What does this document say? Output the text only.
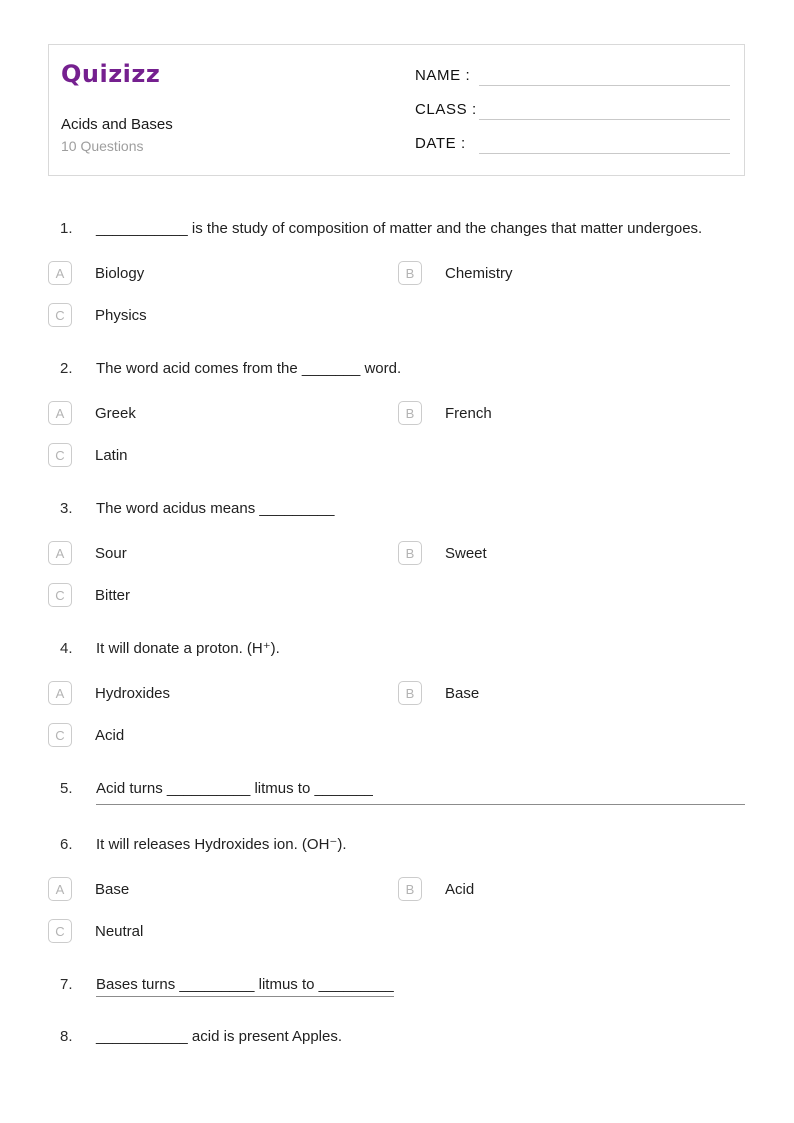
Quizizz
Acids and Bases
10 Questions
NAME :
CLASS :
DATE :
1.	___________ is the study of composition of matter and the changes that matter undergoes.
A	Biology	B	Chemistry
C	Physics
2.	The word acid comes from the _______ word.
A	Greek	B	French
C	Latin
3.	The word acidus means _________
A	Sour	B	Sweet
C	Bitter
4.	It will donate a proton. (H⁺).
A	Hydroxides	B	Base
C	Acid
5.	Acid turns __________ litmus to _______
6.	It will releases Hydroxides ion. (OH⁻).
A	Base	B	Acid
C	Neutral
7.	Bases turns _________ litmus to _________
8.	___________ acid is present Apples.
